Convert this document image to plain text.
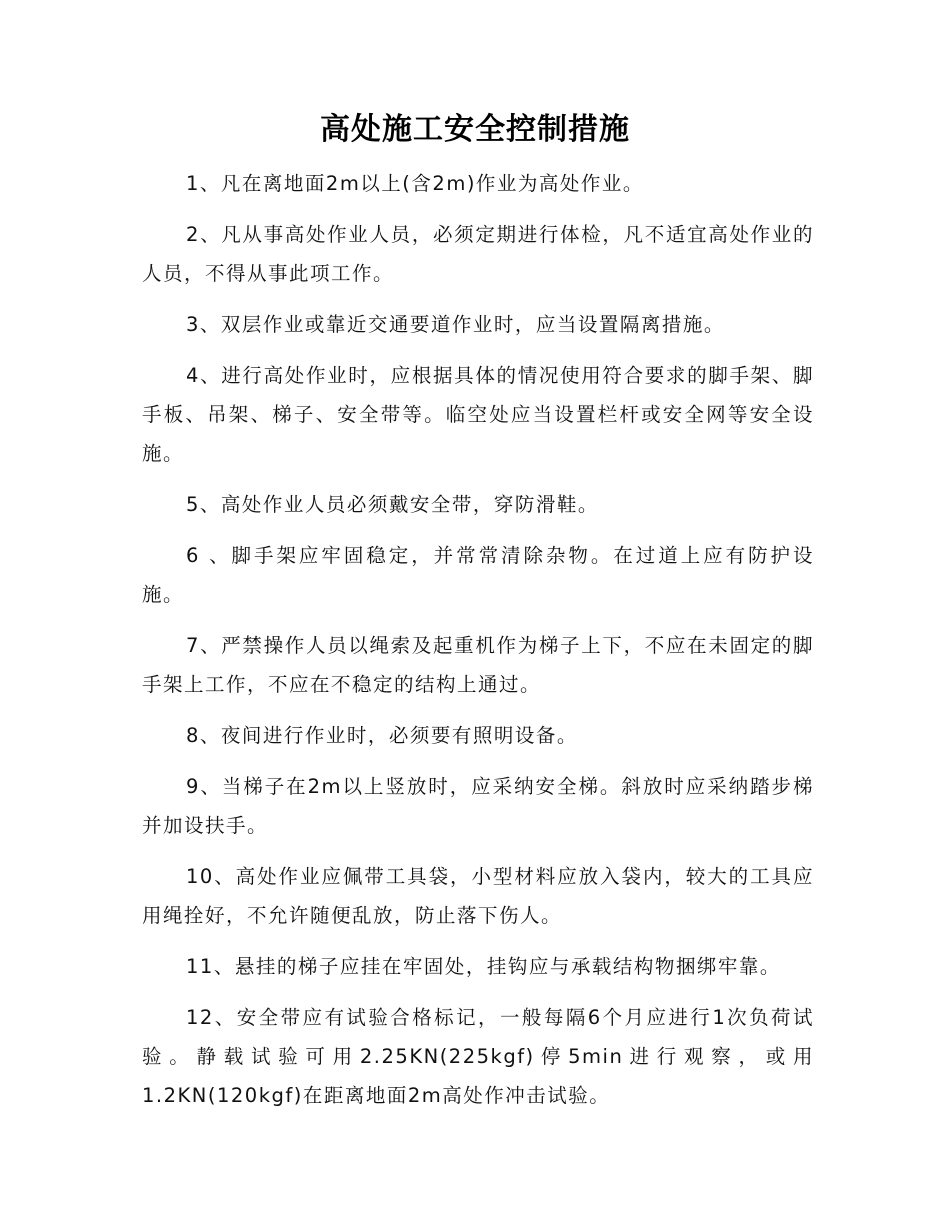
高处施工安全控制措施

1、凡在离地面2m以上(含2m)作业为高处作业。

2、凡从事高处作业人员，必须定期进行体检，凡不适宜高处作业的人员，不得从事此项工作。

3、双层作业或靠近交通要道作业时，应当设置隔离措施。

4、进行高处作业时，应根据具体的情况使用符合要求的脚手架、脚手板、吊架、梯子、安全带等。临空处应当设置栏杆或安全网等安全设施。

5、高处作业人员必须戴安全带，穿防滑鞋。

6 、脚手架应牢固稳定，并常常清除杂物。在过道上应有防护设施。

7、严禁操作人员以绳索及起重机作为梯子上下，不应在未固定的脚手架上工作，不应在不稳定的结构上通过。

8、夜间进行作业时，必须要有照明设备。

9、当梯子在2m以上竖放时，应采纳安全梯。斜放时应采纳踏步梯并加设扶手。

10、高处作业应佩带工具袋，小型材料应放入袋内，较大的工具应用绳拴好，不允许随便乱放，防止落下伤人。

11、悬挂的梯子应挂在牢固处，挂钩应与承载结构物捆绑牢靠。

12、安全带应有试验合格标记，一般每隔6个月应进行1次负荷试验。静载试验可用2.25KN(225kgf)停5min进行观察，或用1.2KN(120kgf)在距离地面2m高处作冲击试验。
